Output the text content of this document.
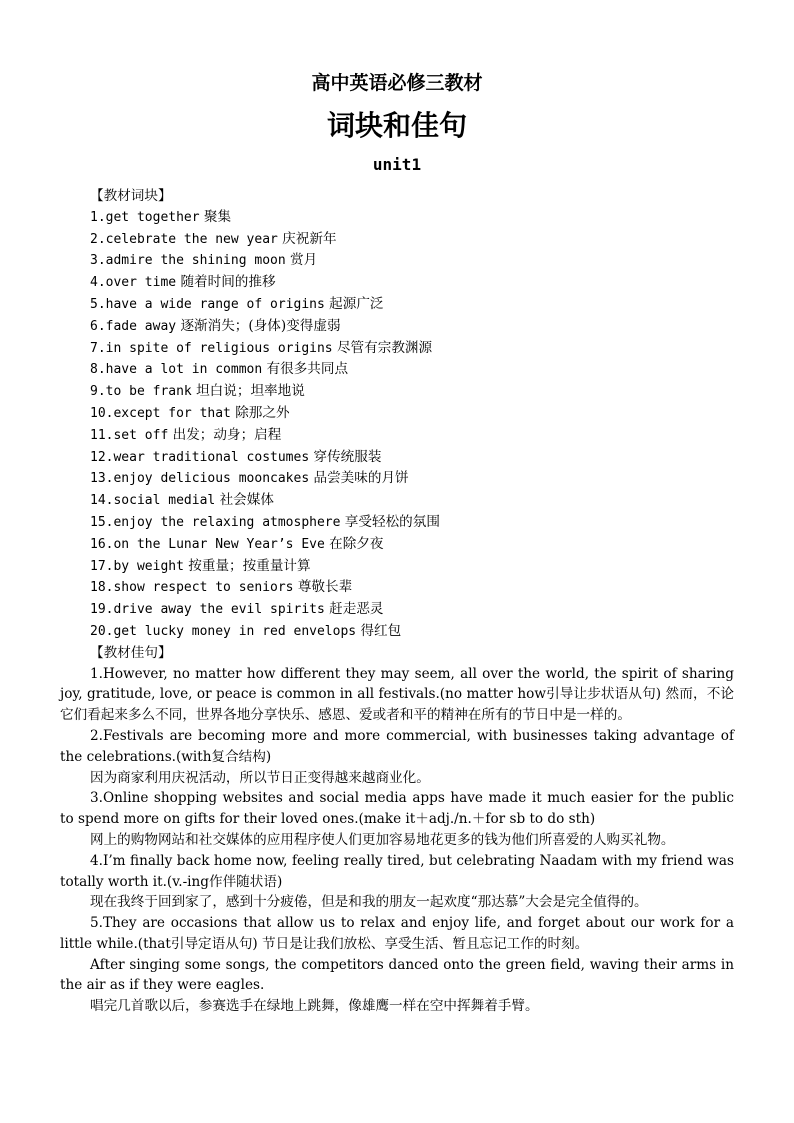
高中英语必修三教材
词块和佳句
unit1
【教材词块】
1.get together 聚集
2.celebrate the new year 庆祝新年
3.admire the shining moon 赏月
4.over time 随着时间的推移
5.have a wide range of origins 起源广泛
6.fade away 逐渐消失；(身体)变得虚弱
7.in spite of religious origins 尽管有宗教渊源
8.have a lot in common 有很多共同点
9.to be frank 坦白说；坦率地说
10.except for that 除那之外
11.set off 出发；动身；启程
12.wear traditional costumes 穿传统服装
13.enjoy delicious mooncakes 品尝美味的月饼
14.social medial 社会媒体
15.enjoy the relaxing atmosphere 享受轻松的氛围
16.on the Lunar New Year’s Eve 在除夕夜
17.by weight 按重量；按重量计算
18.show respect to seniors 尊敬长辈
19.drive away the evil spirits 赶走恶灵
20.get lucky money in red envelops 得红包
【教材佳句】
1.However, no matter how different they may seem, all over the world, the spirit of sharing joy, gratitude, love, or peace is common in all festivals.(no matter how引导让步状语从句) 然而，不论它们看起来多么不同，世界各地分享快乐、感恩、爱或者和平的精神在所有的节日中是一样的。
2.Festivals are becoming more and more commercial, with businesses taking advantage of the celebrations.(with复合结构)
因为商家利用庆祝活动，所以节日正变得越来越商业化。
3.Online shopping websites and social media apps have made it much easier for the public to spend more on gifts for their loved ones.(make it＋adj./n.＋for sb to do sth)
网上的购物网站和社交媒体的应用程序使人们更加容易地花更多的钱为他们所喜爱的人购买礼物。
4.I’m finally back home now, feeling really tired, but celebrating Naadam with my friend was totally worth it.(v.-ing作伴随状语)
现在我终于回到家了，感到十分疲倦，但是和我的朋友一起欢度“那达慕”大会是完全值得的。
5.They are occasions that allow us to relax and enjoy life, and forget about our work for a little while.(that引导定语从句) 节日是让我们放松、享受生活、暂且忘记工作的时刻。
After singing some songs, the competitors danced onto the green field, waving their arms in the air as if they were eagles.
唱完几首歌以后，参赛选手在绿地上跳舞，像雄鹰一样在空中挥舞着手臂。
